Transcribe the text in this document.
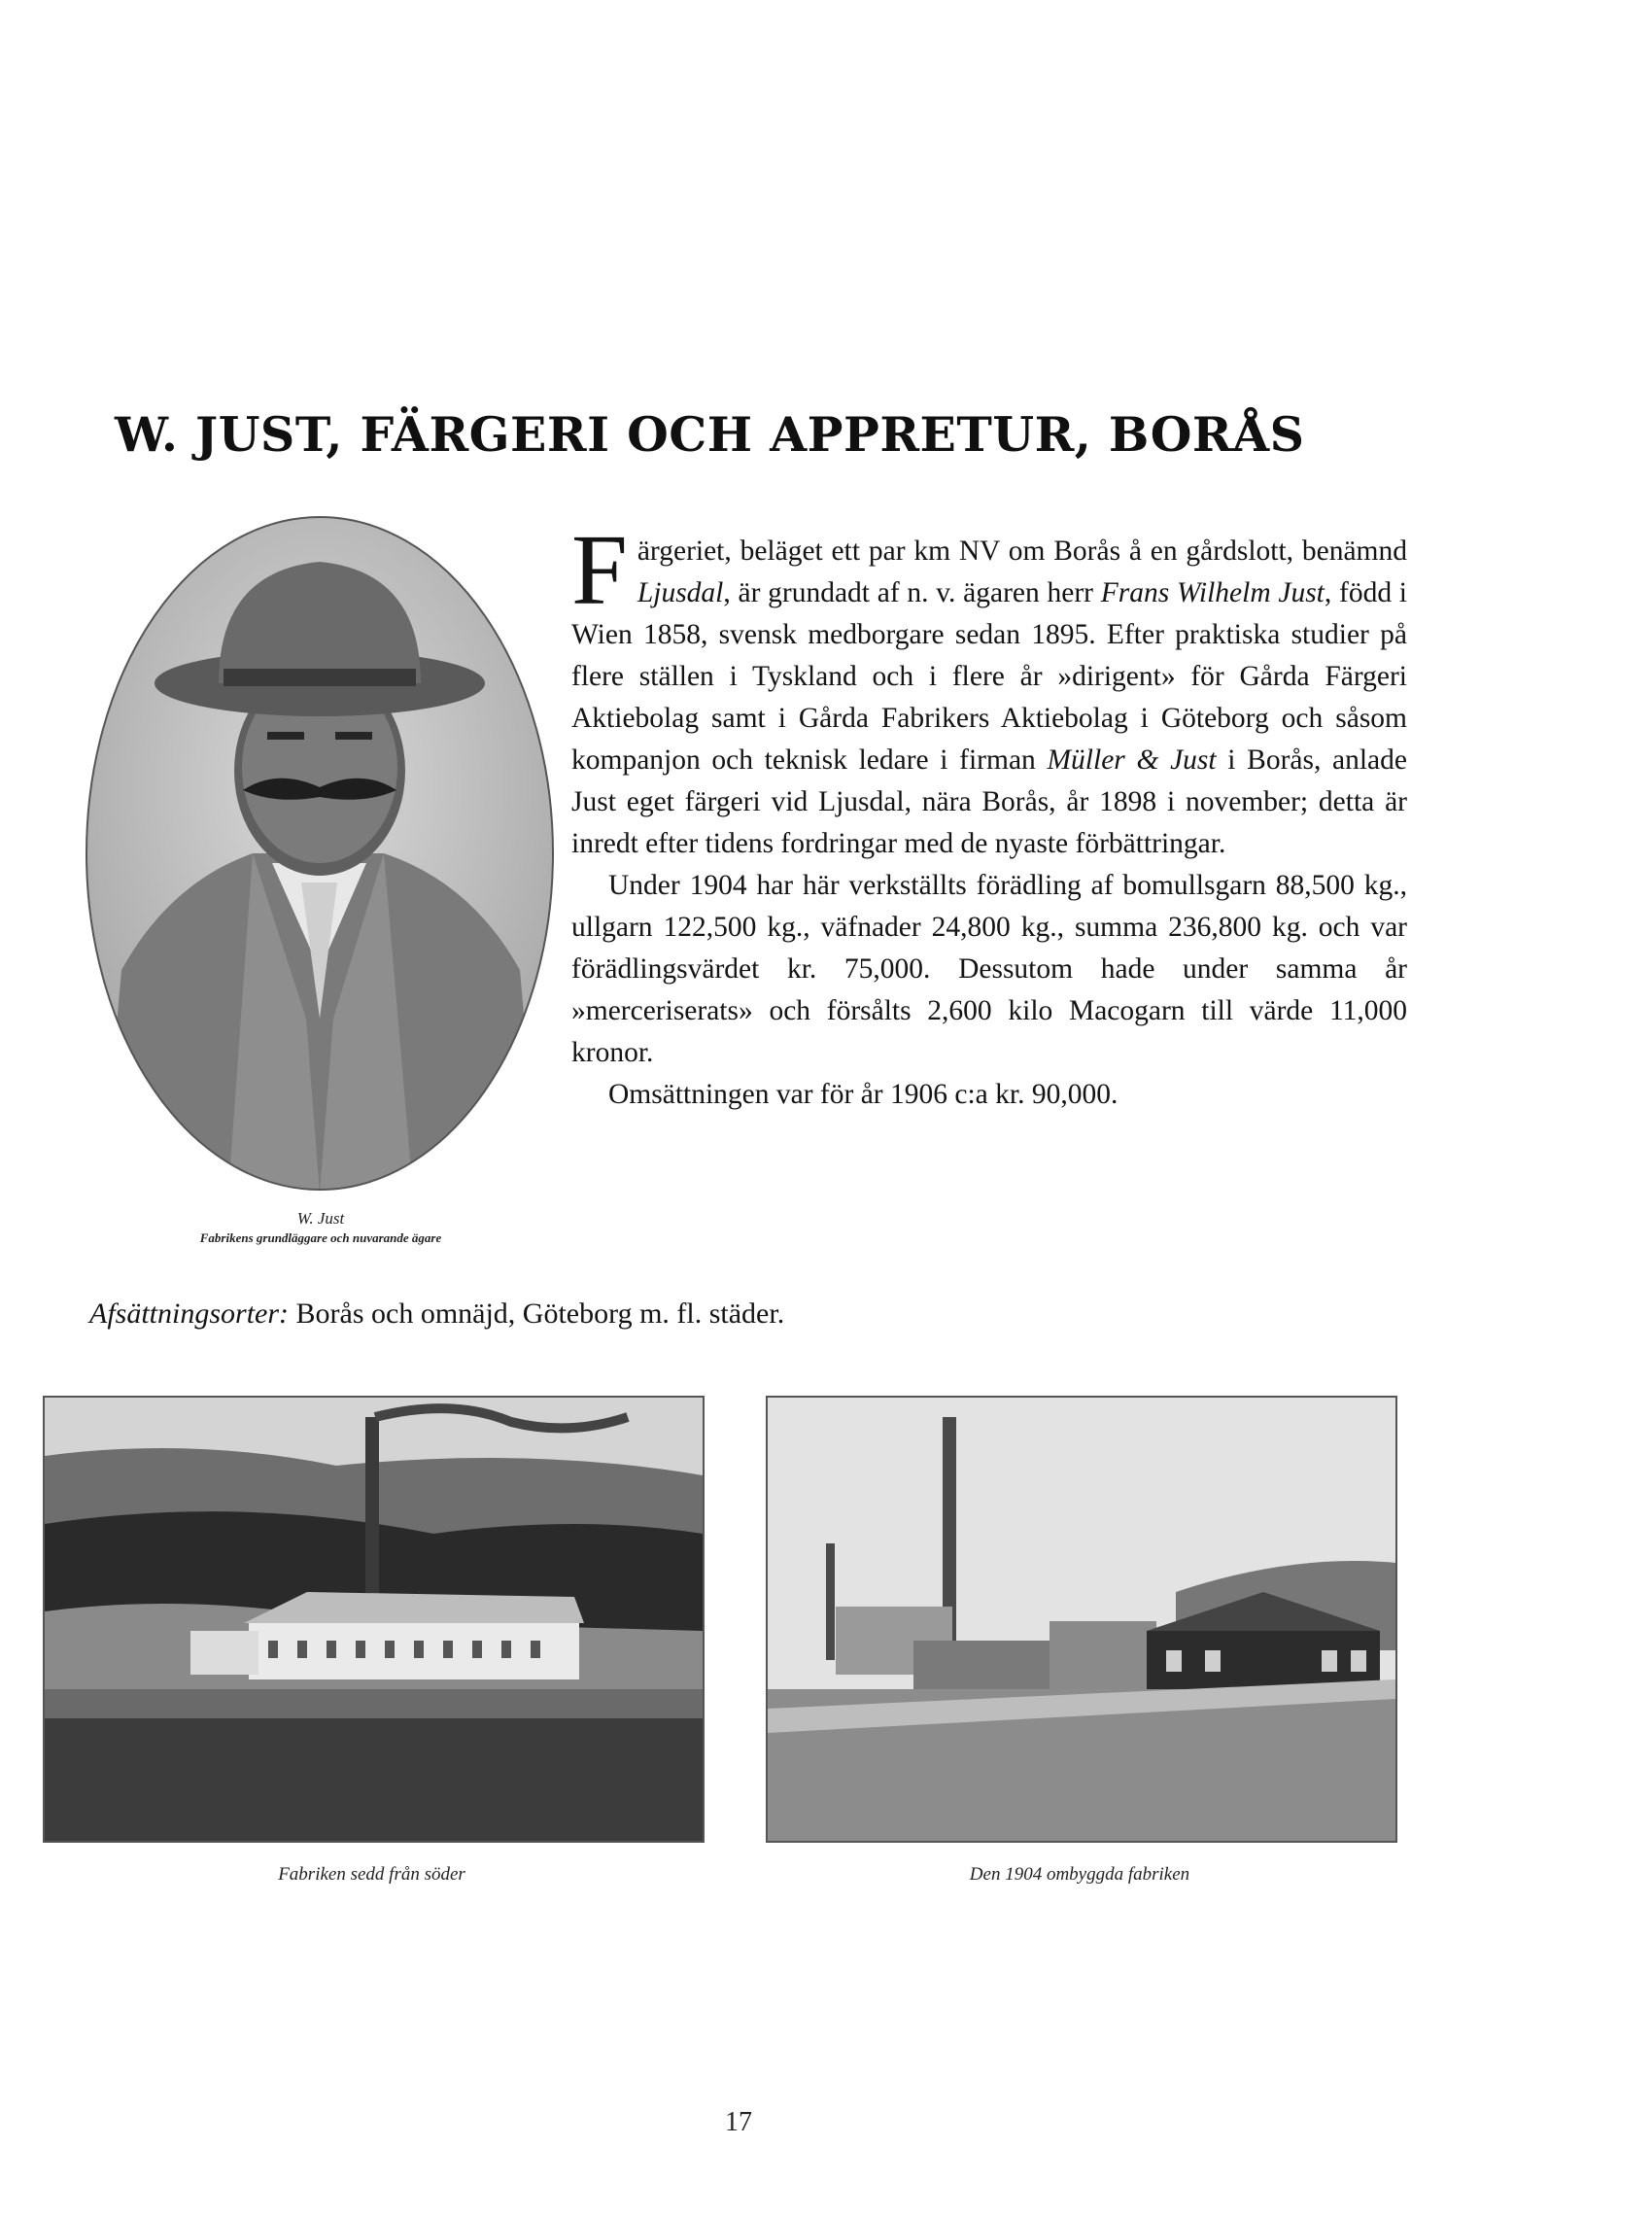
W. JUST, FÄRGERI OCH APPRETUR, BORÅS
W. Just
Fabrikens grundläggare och nuvarande ägare

Färgeriet, beläget ett par km NV om Borås å en gårdslott, benämnd Ljusdal, är grundadt af n. v. ägaren herr Frans Wilhelm Just, född i Wien 1858, svensk medborgare sedan 1895. Efter praktiska studier på flere ställen i Tyskland och i flere år »dirigent» för Gårda Färgeri Aktiebolag samt i Gårda Fabrikers Aktiebolag i Göteborg och såsom kompanjon och teknisk ledare i firman Müller & Just i Borås, anlade Just eget färgeri vid Ljusdal, nära Borås, år 1898 i november; detta är inredt efter tidens fordringar med de nyaste förbättringar.

Under 1904 har här verkställts förädling af bomullsgarn 88,500 kg., ullgarn 122,500 kg., väfnader 24,800 kg., summa 236,800 kg. och var förädlingsvärdet kr. 75,000. Dessutom hade under samma år »merceriserats» och försålts 2,600 kilo Macogarn till värde 11,000 kronor.

Omsättningen var för år 1906 c:a kr. 90,000.

Afsättningsorter: Borås och omnäjd, Göteborg m. fl. städer.
Fabriken sedd från söder	Den 1904 ombyggda fabriken
17
